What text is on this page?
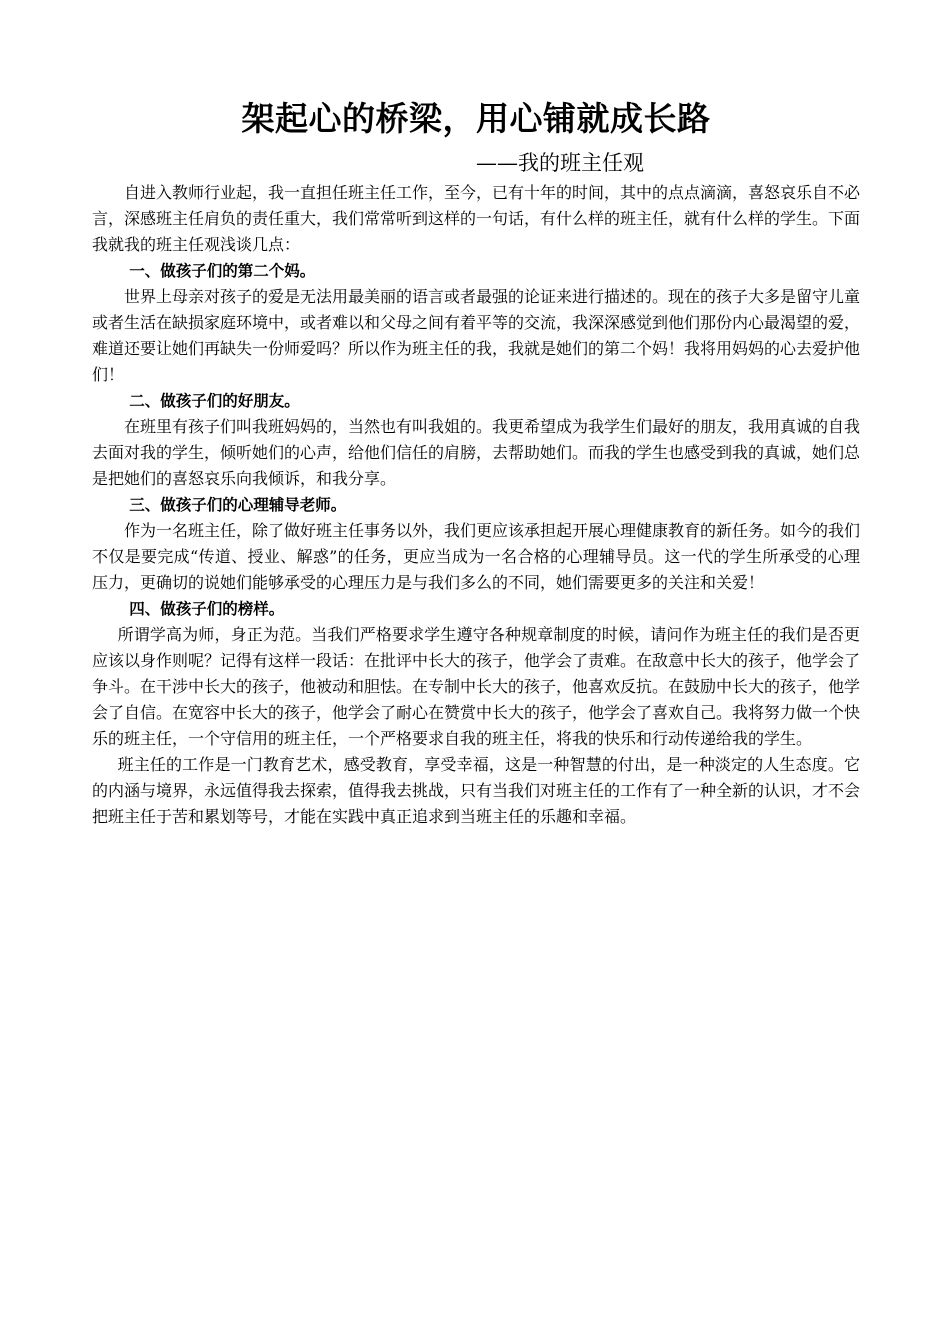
架起心的桥梁，用心铺就成长路
——我的班主任观

自进入教师行业起，我一直担任班主任工作，至今，已有十年的时间，其中的点点滴滴，喜怒哀乐自不必言，深感班主任肩负的责任重大，我们常常听到这样的一句话，有什么样的班主任，就有什么样的学生。下面我就我的班主任观浅谈几点：

一、做孩子们的第二个妈。

世界上母亲对孩子的爱是无法用最美丽的语言或者最强的论证来进行描述的。现在的孩子大多是留守儿童或者生活在缺损家庭环境中，或者难以和父母之间有着平等的交流，我深深感觉到他们那份内心最渴望的爱，难道还要让她们再缺失一份师爱吗？所以作为班主任的我，我就是她们的第二个妈！我将用妈妈的心去爱护他们！

二、做孩子们的好朋友。

在班里有孩子们叫我班妈妈的，当然也有叫我姐的。我更希望成为我学生们最好的朋友，我用真诚的自我去面对我的学生，倾听她们的心声，给他们信任的肩膀，去帮助她们。而我的学生也感受到我的真诚，她们总是把她们的喜怒哀乐向我倾诉，和我分享。

三、做孩子们的心理辅导老师。

作为一名班主任，除了做好班主任事务以外，我们更应该承担起开展心理健康教育的新任务。如今的我们不仅是要完成“传道、授业、解惑”的任务，更应当成为一名合格的心理辅导员。这一代的学生所承受的心理压力，更确切的说她们能够承受的心理压力是与我们多么的不同，她们需要更多的关注和关爱！

四、做孩子们的榜样。

所谓学高为师，身正为范。当我们严格要求学生遵守各种规章制度的时候，请问作为班主任的我们是否更应该以身作则呢？记得有这样一段话：在批评中长大的孩子，他学会了责难。在敌意中长大的孩子，他学会了争斗。在干涉中长大的孩子，他被动和胆怯。在专制中长大的孩子，他喜欢反抗。在鼓励中长大的孩子，他学会了自信。在宽容中长大的孩子，他学会了耐心在赞赏中长大的孩子，他学会了喜欢自己。我将努力做一个快乐的班主任，一个守信用的班主任，一个严格要求自我的班主任，将我的快乐和行动传递给我的学生。

班主任的工作是一门教育艺术，感受教育，享受幸福，这是一种智慧的付出，是一种淡定的人生态度。它的内涵与境界，永远值得我去探索，值得我去挑战，只有当我们对班主任的工作有了一种全新的认识，才不会把班主任于苦和累划等号，才能在实践中真正追求到当班主任的乐趣和幸福。
